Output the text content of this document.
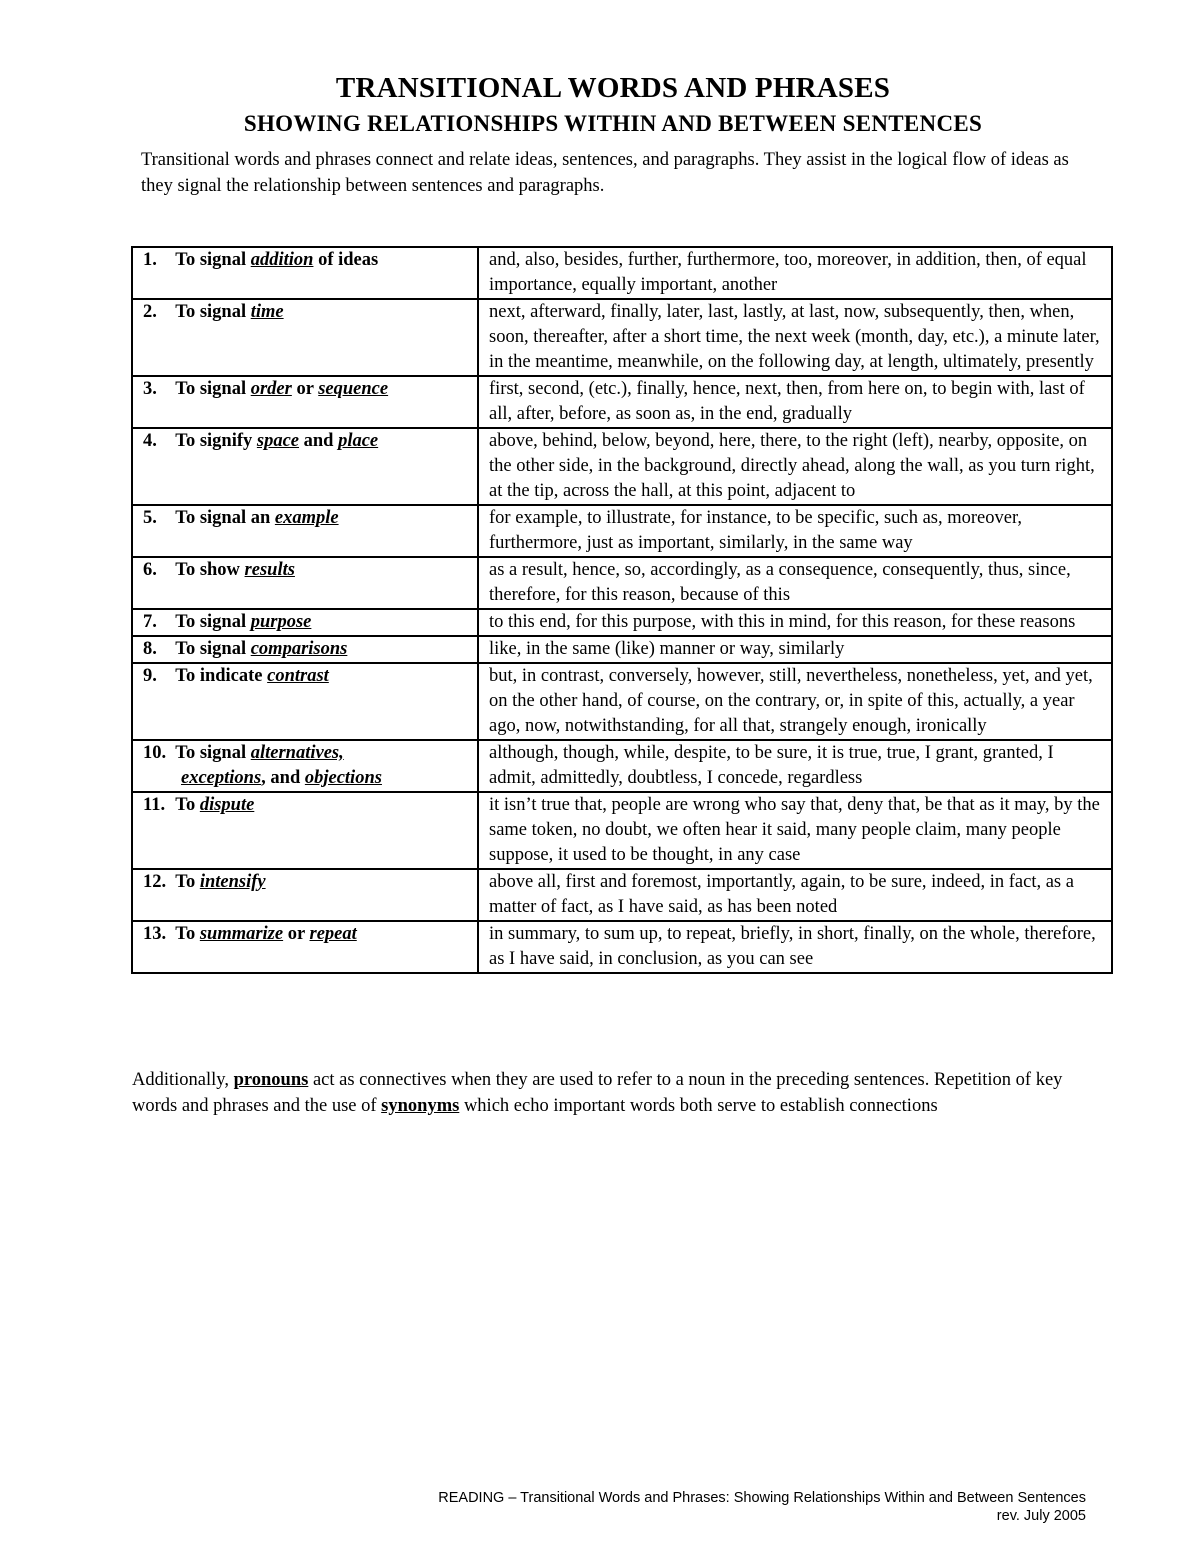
TRANSITIONAL WORDS AND PHRASES
SHOWING RELATIONSHIPS WITHIN AND BETWEEN SENTENCES

Transitional words and phrases connect and relate ideas, sentences, and paragraphs. They assist in the logical flow of ideas as they signal the relationship between sentences and paragraphs.

1. To signal addition of ideas	and, also, besides, further, furthermore, too, moreover, in addition, then, of equal importance, equally important, another
2. To signal time	next, afterward, finally, later, last, lastly, at last, now, subsequently, then, when, soon, thereafter, after a short time, the next week (month, day, etc.), a minute later, in the meantime, meanwhile, on the following day, at length, ultimately, presently
3. To signal order or sequence	first, second, (etc.), finally, hence, next, then, from here on, to begin with, last of all, after, before, as soon as, in the end, gradually
4. To signify space and place	above, behind, below, beyond, here, there, to the right (left), nearby, opposite, on the other side, in the background, directly ahead, along the wall, as you turn right, at the tip, across the hall, at this point, adjacent to
5. To signal an example	for example, to illustrate, for instance, to be specific, such as, moreover, furthermore, just as important, similarly, in the same way
6. To show results	as a result, hence, so, accordingly, as a consequence, consequently, thus, since, therefore, for this reason, because of this
7. To signal purpose	to this end, for this purpose, with this in mind, for this reason, for these reasons
8. To signal comparisons	like, in the same (like) manner or way, similarly
9. To indicate contrast	but, in contrast, conversely, however, still, nevertheless, nonetheless, yet, and yet, on the other hand, of course, on the contrary, or, in spite of this, actually, a year ago, now, notwithstanding, for all that, strangely enough, ironically
10. To signal alternatives,
exceptions, and objections	although, though, while, despite, to be sure, it is true, true, I grant, granted, I admit, admittedly, doubtless, I concede, regardless
11. To dispute	it isn’t true that, people are wrong who say that, deny that, be that as it may, by the same token, no doubt, we often hear it said, many people claim, many people suppose, it used to be thought, in any case
12. To intensify	above all, first and foremost, importantly, again, to be sure, indeed, in fact, as a matter of fact, as I have said, as has been noted
13. To summarize or repeat	in summary, to sum up, to repeat, briefly, in short, finally, on the whole, therefore, as I have said, in conclusion, as you can see

Additionally, pronouns act as connectives when they are used to refer to a noun in the preceding sentences. Repetition of key words and phrases and the use of synonyms which echo important words both serve to establish connections

READING – Transitional Words and Phrases: Showing Relationships Within and Between Sentences
rev. July 2005
